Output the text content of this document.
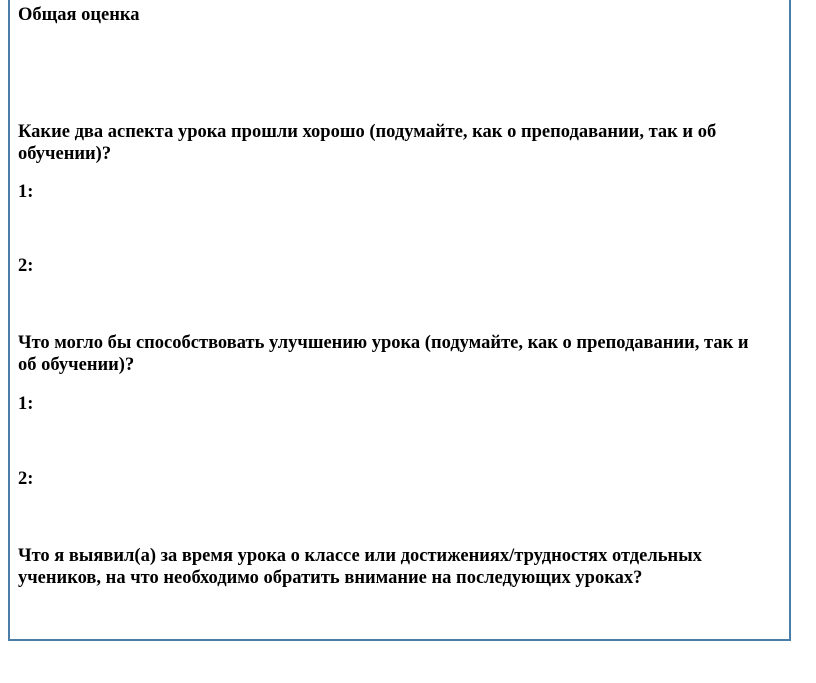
Общая оценка
Какие два аспекта урока прошли хорошо (подумайте, как о преподавании, так и об
обучении)?
1:
2:
Что могло бы способствовать улучшению урока (подумайте, как о преподавании, так и
об обучении)?
1:
2:
Что я выявил(а) за время урока о классе или достижениях/трудностях отдельных
учеников, на что необходимо обратить внимание на последующих уроках?
